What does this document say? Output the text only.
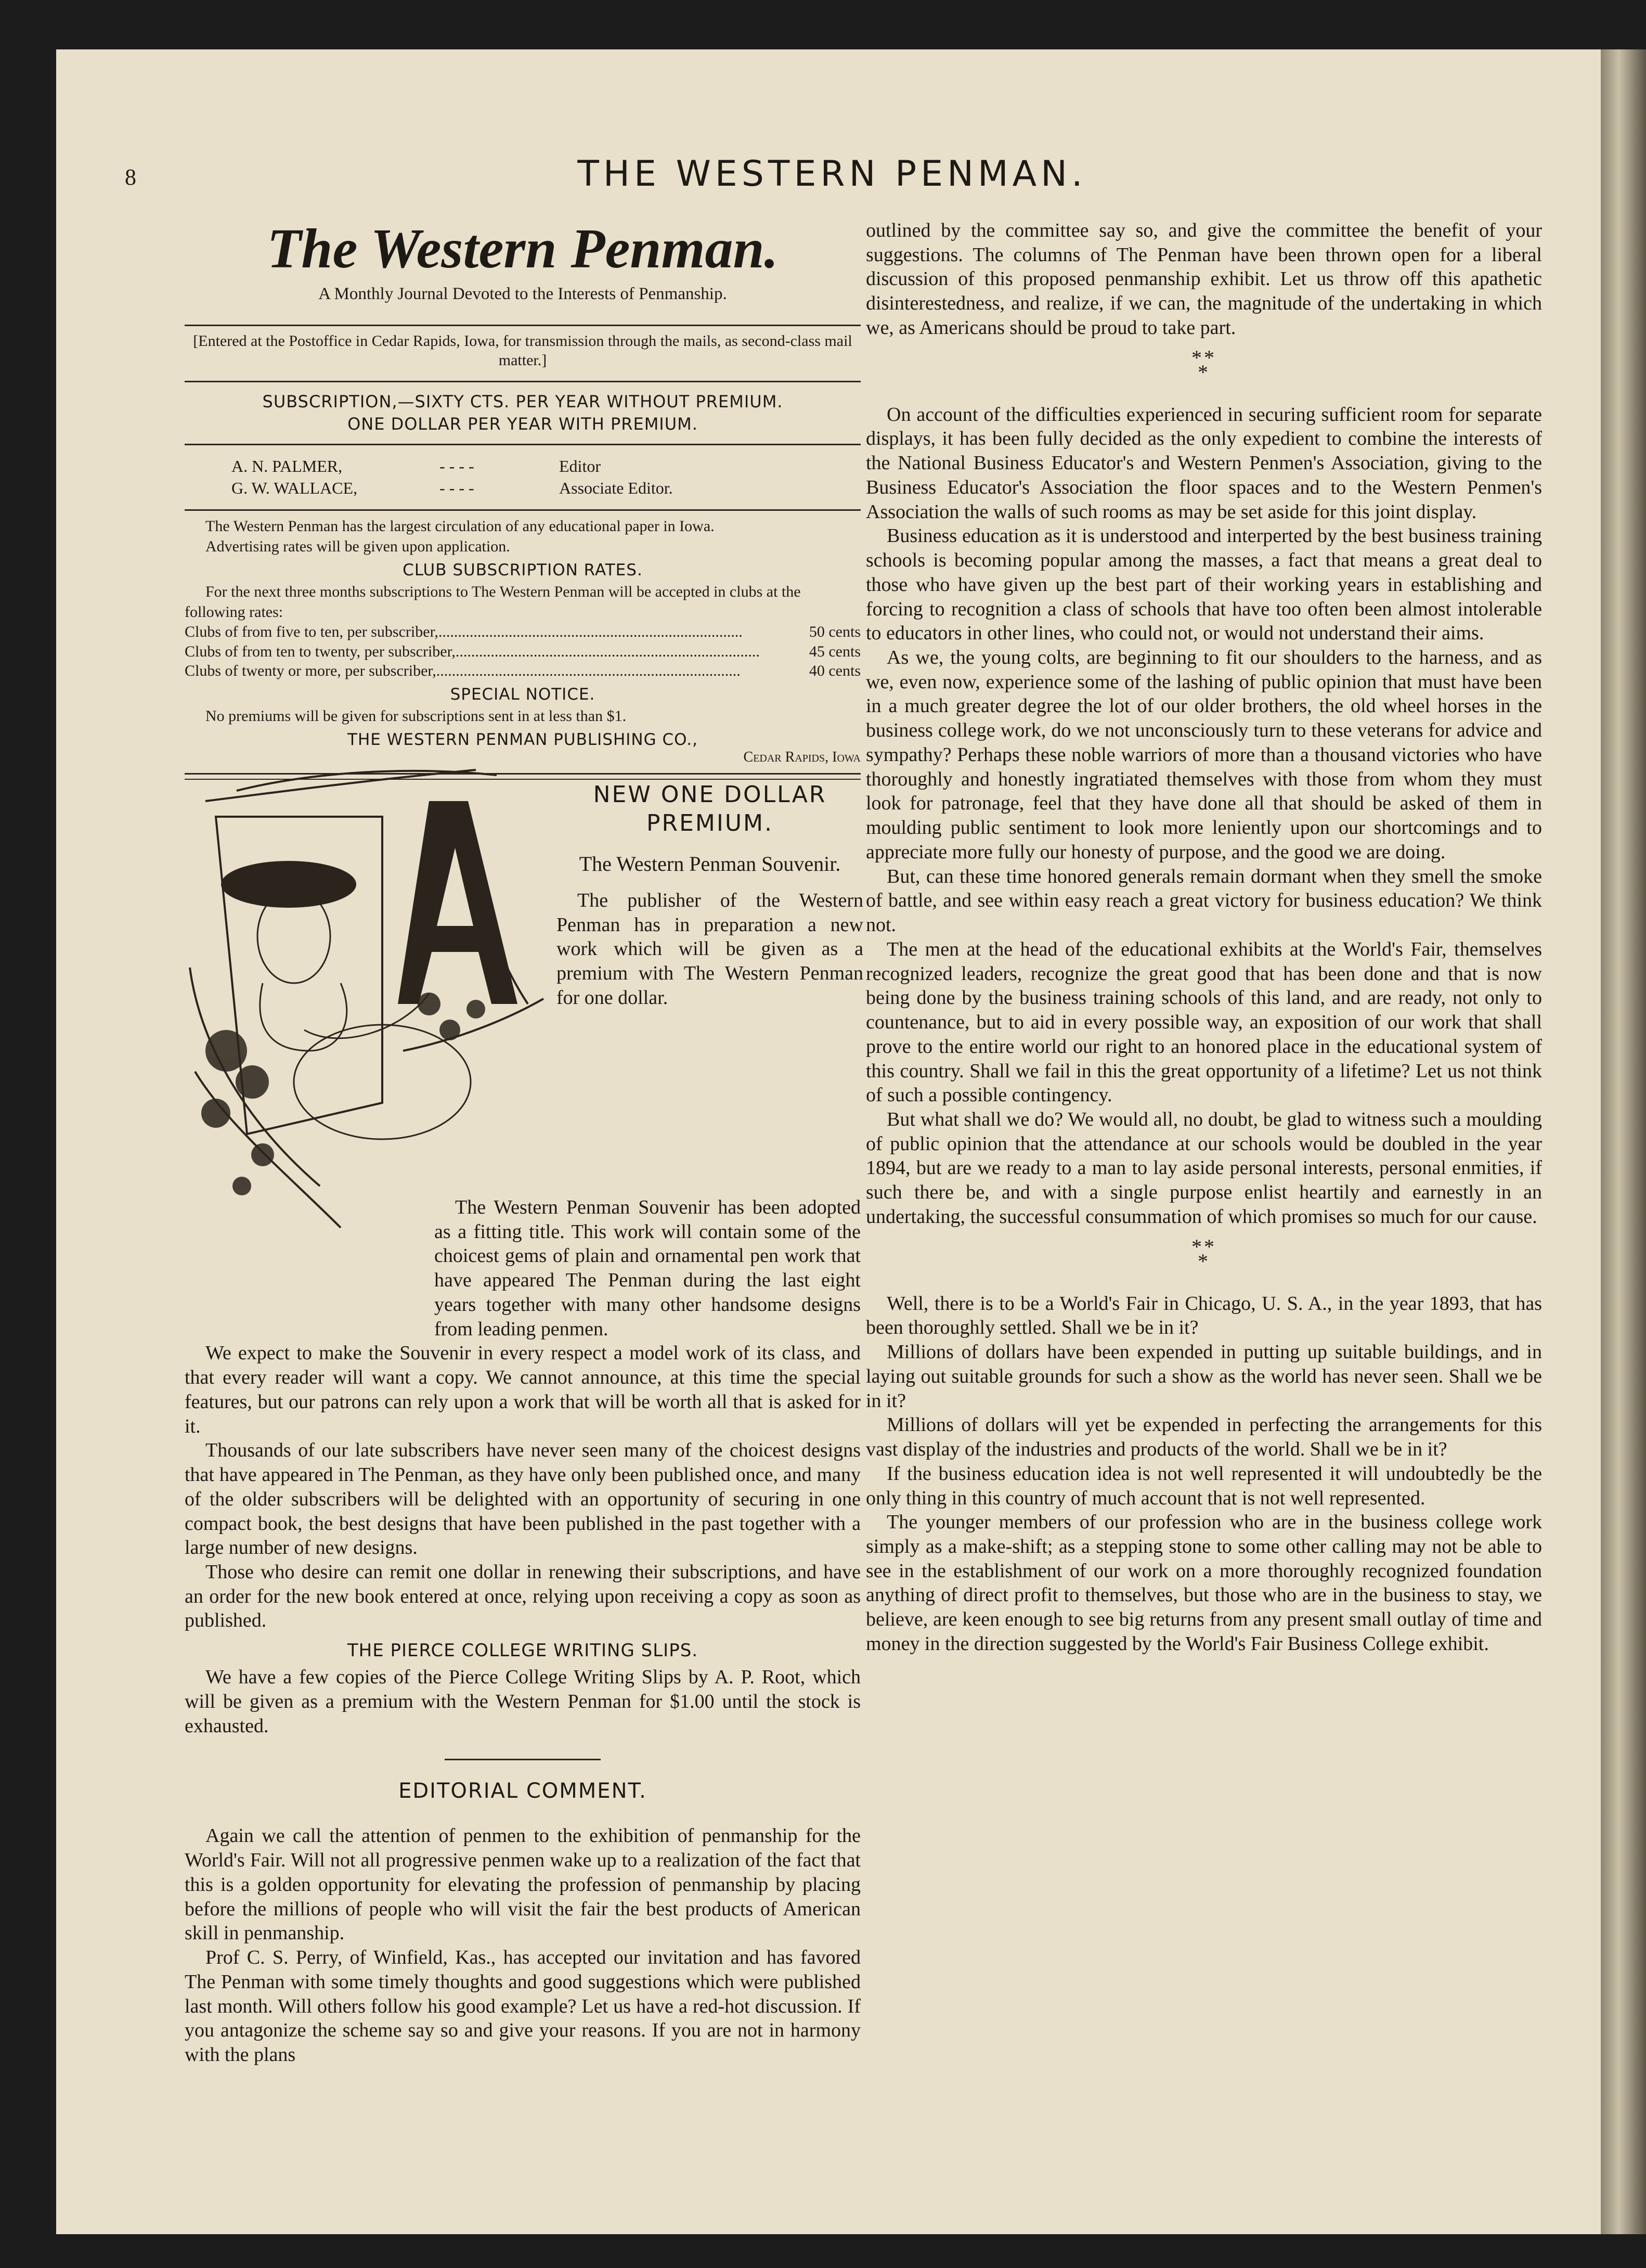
8	THE WESTERN PENMAN.
The Western Penman.

A Monthly Journal Devoted to the Interests of Penmanship.

[Entered at the Postoffice in Cedar Rapids, Iowa, for transmission through the mails, as second-class mail matter.]

SUBSCRIPTION,—SIXTY CTS. PER YEAR WITHOUT PREMIUM.
ONE DOLLAR PER YEAR WITH PREMIUM.
A. N. PALMER,	- - - -	Editor
G. W. WALLACE,	- - - -	Associate Editor.

The Western Penman has the largest circulation of any educational paper in Iowa.

Advertising rates will be given upon application.

CLUB SUBSCRIPTION RATES.

For the next three months subscriptions to The Western Penman will be accepted in clubs at the following rates:

Clubs of from five to ten, per subscriber, ..............................................................................	50 cents
Clubs of from ten to twenty, per subscriber, ..............................................................................	45 cents
Clubs of twenty or more, per subscriber, ..............................................................................	40 cents
SPECIAL NOTICE.

No premiums will be given for subscriptions sent in at less than $1.

THE WESTERN PENMAN PUBLISHING CO.,
Cedar Rapids, Iowa
NEW ONE DOLLAR PREMIUM.
The Western Penman Souvenir.

The publisher of the Western Penman has in preparation a new work which will be given as a premium with The Western Penman for one dollar.

The Western Penman Souvenir has been adopted as a fitting title. This work will contain some of the choicest gems of plain and ornamental pen work that have appeared The Penman during the last eight years together with many other handsome designs from leading penmen.

We expect to make the Souvenir in every respect a model work of its class, and that every reader will want a copy. We cannot announce, at this time the special features, but our patrons can rely upon a work that will be worth all that is asked for it.

Thousands of our late subscribers have never seen many of the choicest designs that have appeared in The Penman, as they have only been published once, and many of the older subscribers will be delighted with an opportunity of securing in one compact book, the best designs that have been published in the past together with a large number of new designs.

Those who desire can remit one dollar in renewing their subscriptions, and have an order for the new book entered at once, relying upon receiving a copy as soon as published.

THE PIERCE COLLEGE WRITING SLIPS.

We have a few copies of the Pierce College Writing Slips by A. P. Root, which will be given as a premium with the Western Penman for $1.00 until the stock is exhausted.

EDITORIAL COMMENT.

Again we call the attention of penmen to the exhibition of penmanship for the World's Fair. Will not all progressive penmen wake up to a realization of the fact that this is a golden opportunity for elevating the profession of penmanship by placing before the millions of people who will visit the fair the best products of American skill in penmanship.

Prof C. S. Perry, of Winfield, Kas., has accepted our invitation and has favored The Penman with some timely thoughts and good suggestions which were published last month. Will others follow his good example? Let us have a red-hot discussion. If you antagonize the scheme say so and give your reasons. If you are not in harmony with the plans

outlined by the committee say so, and give the committee the benefit of your suggestions. The columns of The Penman have been thrown open for a liberal discussion of this proposed penmanship exhibit. Let us throw off this apathetic disinterestedness, and realize, if we can, the magnitude of the undertaking in which we, as Americans should be proud to take part.

**
*

On account of the difficulties experienced in securing sufficient room for separate displays, it has been fully decided as the only expedient to combine the interests of the National Business Educator's and Western Penmen's Association, giving to the Business Educator's Association the floor spaces and to the Western Penmen's Association the walls of such rooms as may be set aside for this joint display.

Business education as it is understood and interperted by the best business training schools is becoming popular among the masses, a fact that means a great deal to those who have given up the best part of their working years in establishing and forcing to recognition a class of schools that have too often been almost intolerable to educators in other lines, who could not, or would not understand their aims.

As we, the young colts, are beginning to fit our shoulders to the harness, and as we, even now, experience some of the lashing of public opinion that must have been in a much greater degree the lot of our older brothers, the old wheel horses in the business college work, do we not unconsciously turn to these veterans for advice and sympathy? Perhaps these noble warriors of more than a thousand victories who have thoroughly and honestly ingratiated themselves with those from whom they must look for patronage, feel that they have done all that should be asked of them in moulding public sentiment to look more leniently upon our shortcomings and to appreciate more fully our honesty of purpose, and the good we are doing.

But, can these time honored generals remain dormant when they smell the smoke of battle, and see within easy reach a great victory for business education? We think not.

The men at the head of the educational exhibits at the World's Fair, themselves recognized leaders, recognize the great good that has been done and that is now being done by the business training schools of this land, and are ready, not only to countenance, but to aid in every possible way, an exposition of our work that shall prove to the entire world our right to an honored place in the educational system of this country. Shall we fail in this the great opportunity of a lifetime? Let us not think of such a possible contingency.

But what shall we do? We would all, no doubt, be glad to witness such a moulding of public opinion that the attendance at our schools would be doubled in the year 1894, but are we ready to a man to lay aside personal interests, personal enmities, if such there be, and with a single purpose enlist heartily and earnestly in an undertaking, the successful consummation of which promises so much for our cause.

**
*

Well, there is to be a World's Fair in Chicago, U. S. A., in the year 1893, that has been thoroughly settled. Shall we be in it?

Millions of dollars have been expended in putting up suitable buildings, and in laying out suitable grounds for such a show as the world has never seen. Shall we be in it?

Millions of dollars will yet be expended in perfecting the arrangements for this vast display of the industries and products of the world. Shall we be in it?

If the business education idea is not well represented it will undoubtedly be the only thing in this country of much account that is not well represented.

The younger members of our profession who are in the business college work simply as a make-shift; as a stepping stone to some other calling may not be able to see in the establishment of our work on a more thoroughly recognized foundation anything of direct profit to themselves, but those who are in the business to stay, we believe, are keen enough to see big returns from any present small outlay of time and money in the direction suggested by the World's Fair Business College exhibit.
